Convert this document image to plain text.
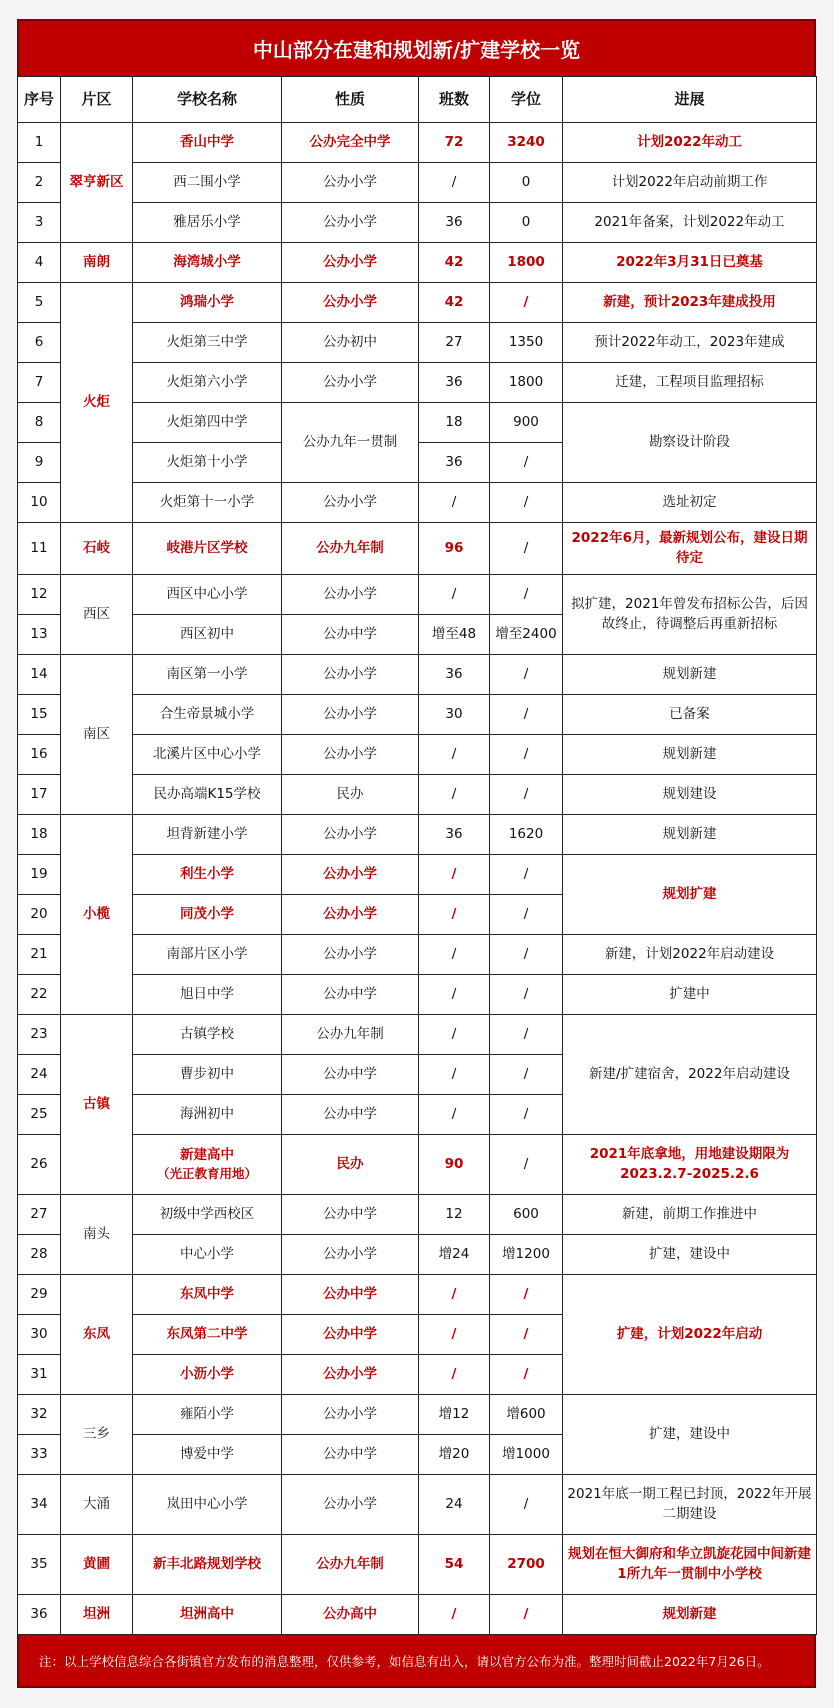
中山部分在建和规划新/扩建学校一览
序号	片区	学校名称	性质	班数	学位	进展
1	翠亨新区	香山中学	公办完全中学	72	3240	计划2022年动工
2		西二围小学	公办小学	/	0	计划2022年启动前期工作
3		雅居乐小学	公办小学	36	0	2021年备案，计划2022年动工
4	南朗	海湾城小学	公办小学	42	1800	2022年3月31日已奠基
5	火炬	鸿瑞小学	公办小学	42	/	新建，预计2023年建成投用
6		火炬第三中学	公办初中	27	1350	预计2022年动工，2023年建成
7		火炬第六小学	公办小学	36	1800	迁建，工程项目监理招标
8		火炬第四中学	公办九年一贯制	18	900	勘察设计阶段
9		火炬第十小学		36	/	
10		火炬第十一小学	公办小学	/	/	选址初定
11	石岐	岐港片区学校	公办九年制	96	/	2022年6月，最新规划公布，建设日期待定
12	西区	西区中心小学	公办小学	/	/	拟扩建，2021年曾发布招标公告，后因故终止，待调整后再重新招标
13		西区初中	公办中学	增至48	增至2400	
14	南区	南区第一小学	公办小学	36	/	规划新建
15		合生帝景城小学	公办小学	30	/	已备案
16		北溪片区中心小学	公办小学	/	/	规划新建
17		民办高端K15学校	民办	/	/	规划建设
18	小榄	坦背新建小学	公办小学	36	1620	规划新建
19		利生小学	公办小学	/	/	规划扩建
20		同茂小学	公办小学	/	/	
21		南部片区小学	公办小学	/	/	新建，计划2022年启动建设
22		旭日中学	公办中学	/	/	扩建中
23	古镇	古镇学校	公办九年制	/	/	新建/扩建宿舍，2022年启动建设
24		曹步初中	公办中学	/	/	
25		海洲初中	公办中学	/	/	
26		新建高中
（光正教育用地）	民办	90	/	2021年底拿地，用地建设期限为2023.2.7-2025.2.6
27	南头	初级中学西校区	公办中学	12	600	新建，前期工作推进中
28		中心小学	公办小学	增24	增1200	扩建，建设中
29	东凤	东凤中学	公办中学	/	/	扩建，计划2022年启动
30		东凤第二中学	公办中学	/	/	
31		小沥小学	公办小学	/	/	
32	三乡	雍陌小学	公办小学	增12	增600	扩建，建设中
33		博爱中学	公办中学	增20	增1000	
34	大涌	岚田中心小学	公办小学	24	/	2021年底一期工程已封顶，2022年开展二期建设
35	黄圃	新丰北路规划学校	公办九年制	54	2700	规划在恒大御府和华立凯旋花园中间新建1所九年一贯制中小学校
36	坦洲	坦洲高中	公办高中	/	/	规划新建
注：以上学校信息综合各街镇官方发布的消息整理，仅供参考，如信息有出入，请以官方公布为准。整理时间截止2022年7月26日。
